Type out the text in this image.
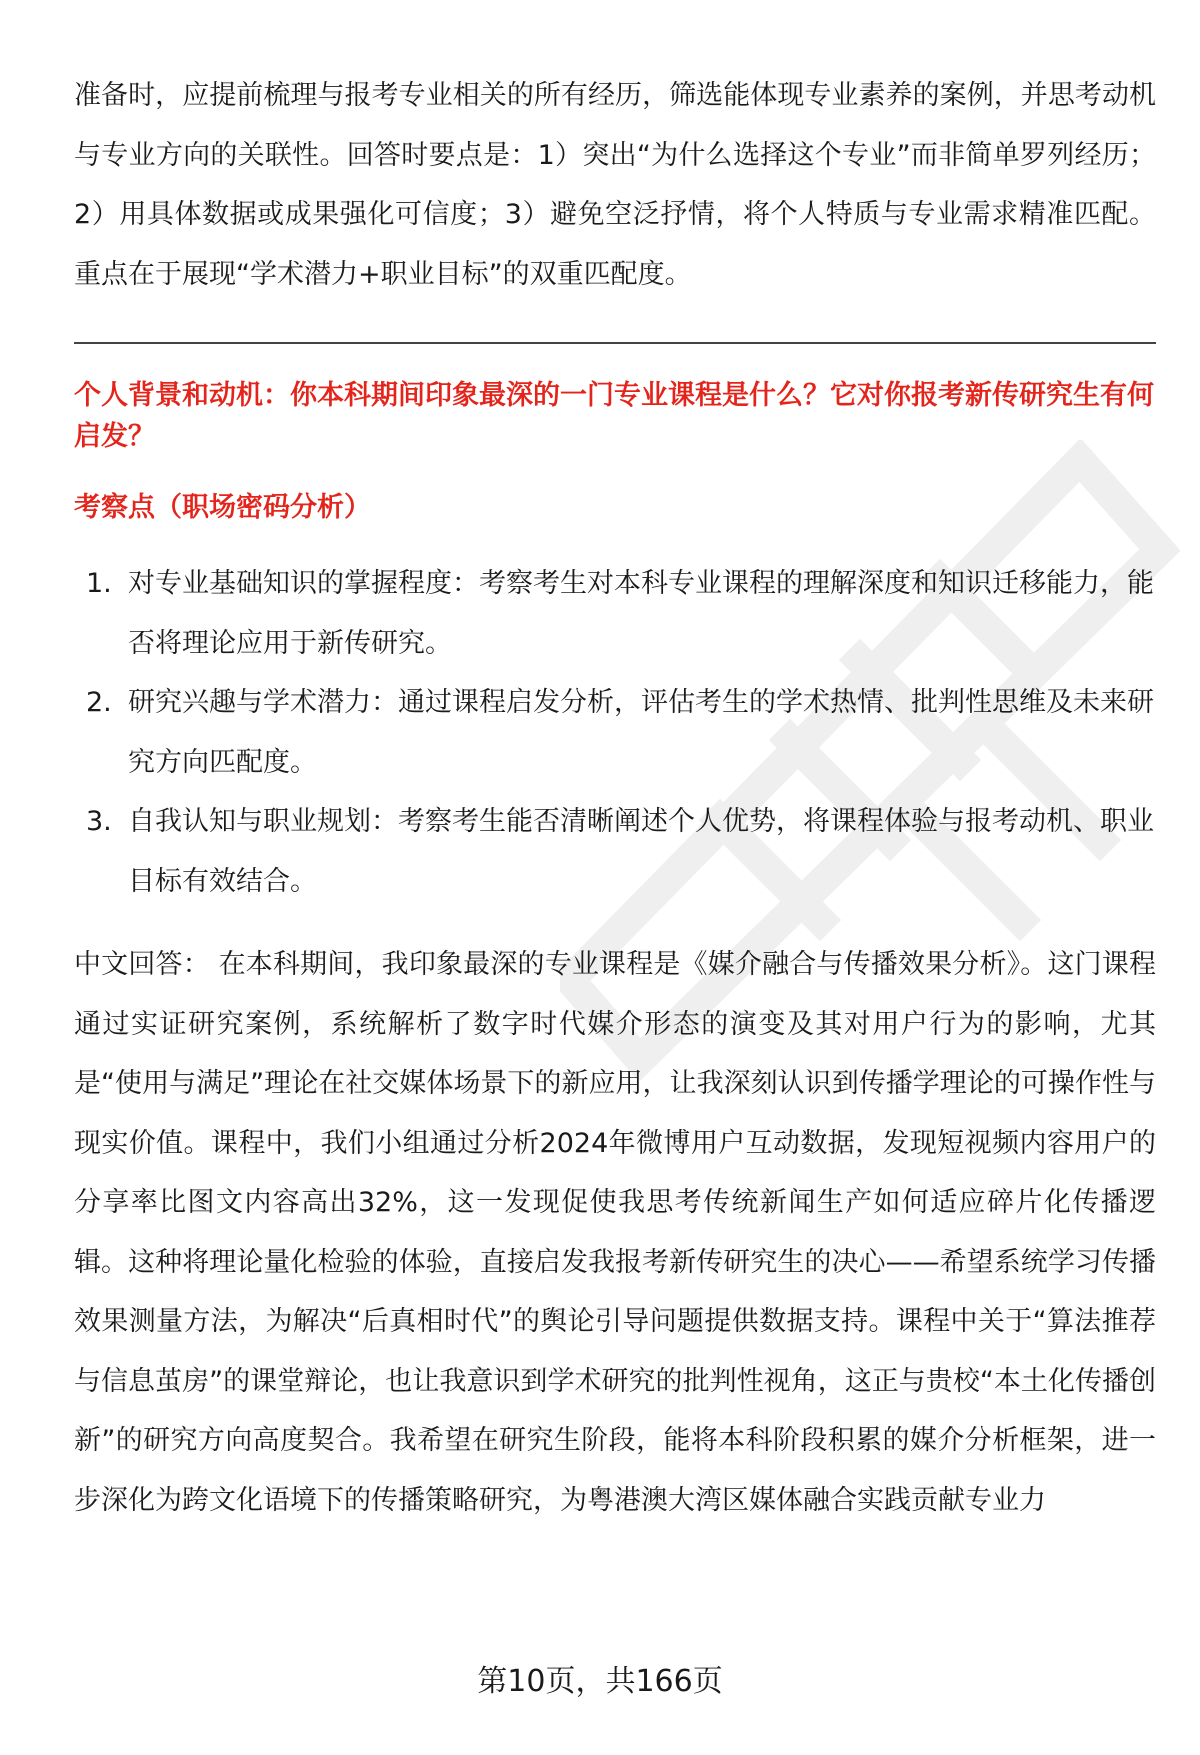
准备时，应提前梳理与报考专业相关的所有经历，筛选能体现专业素养的案例，并思考动机与专业方向的关联性。回答时要点是：1）突出“为什么选择这个专业”而非简单罗列经历；2）用具体数据或成果强化可信度；3）避免空泛抒情，将个人特质与专业需求精准匹配。重点在于展现“学术潜力+职业目标”的双重匹配度。

个人背景和动机：你本科期间印象最深的一门专业课程是什么？它对你报考新传研究生有何启发？
考察点（职场密码分析）
1. 对专业基础知识的掌握程度：考察考生对本科专业课程的理解深度和知识迁移能力，能否将理论应用于新传研究。
2. 研究兴趣与学术潜力：通过课程启发分析，评估考生的学术热情、批判性思维及未来研究方向匹配度。
3. 自我认知与职业规划：考察考生能否清晰阐述个人优势，将课程体验与报考动机、职业目标有效结合。

中文回答： 在本科期间，我印象最深的专业课程是《媒介融合与传播效果分析》。这门课程通过实证研究案例，系统解析了数字时代媒介形态的演变及其对用户行为的影响，尤其是“使用与满足”理论在社交媒体场景下的新应用，让我深刻认识到传播学理论的可操作性与现实价值。课程中，我们小组通过分析2024年微博用户互动数据，发现短视频内容用户的分享率比图文内容高出32%，这一发现促使我思考传统新闻生产如何适应碎片化传播逻辑。这种将理论量化检验的体验，直接启发我报考新传研究生的决心——希望系统学习传播效果测量方法，为解决“后真相时代”的舆论引导问题提供数据支持。课程中关于“算法推荐与信息茧房”的课堂辩论，也让我意识到学术研究的批判性视角，这正与贵校“本土化传播创新”的研究方向高度契合。我希望在研究生阶段，能将本科阶段积累的媒介分析框架，进一步深化为跨文化语境下的传播策略研究，为粤港澳大湾区媒体融合实践贡献专业力

第10页，共166页
